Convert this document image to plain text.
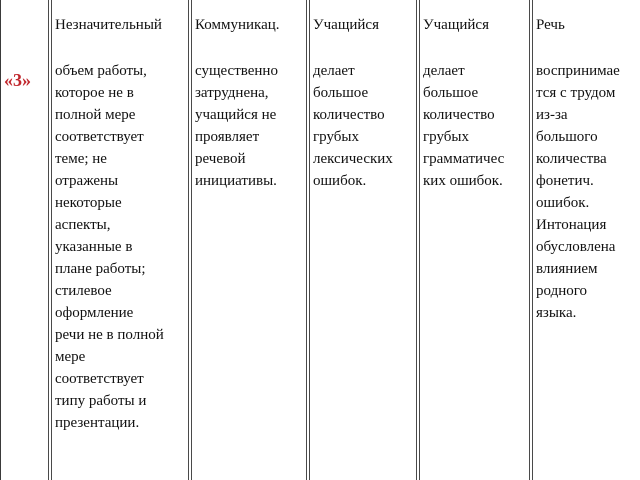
«3»

Незначительный

объем работы,
которое не в
полной мере
соответствует
теме; не
отражены
некоторые
аспекты,
указанные в
плане работы;
стилевое
оформление
речи не в полной
мере
соответствует
типу работы и
презентации.

Коммуникац.

существенно
затруднена,
учащийся не
проявляет
речевой
инициативы.

Учащийся

делает
большое
количество
грубых
лексических
ошибок.

Учащийся

делает
большое
количество
грубых
грамматичес
ких ошибок.

Речь

воспринимае
тся с трудом
из-за
большого
количества
фонетич.
ошибок.
Интонация
обусловлена
влиянием
родного
языка.
